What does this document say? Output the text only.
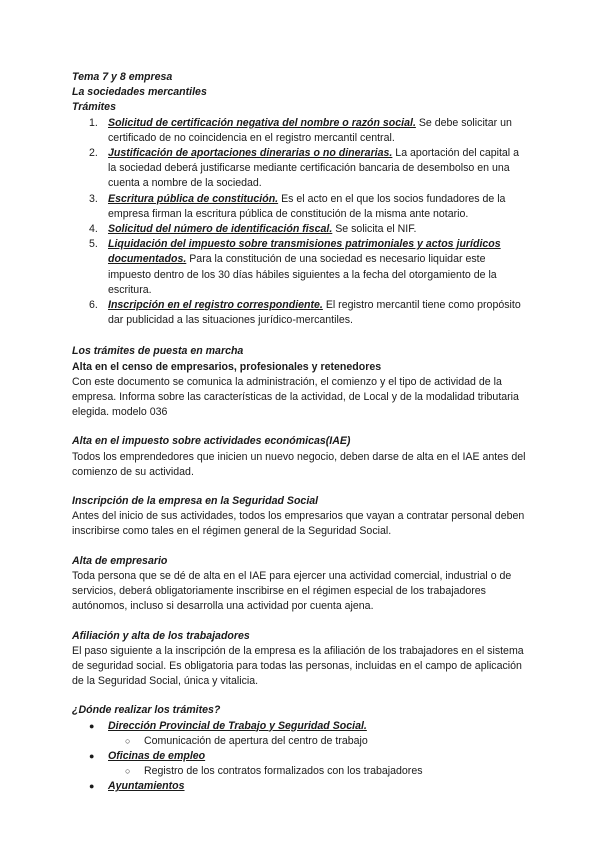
Tema 7 y 8 empresa

La sociedades mercantiles

Trámites

1. Solicitud de certificación negativa del nombre o razón social. Se debe solicitar un certificado de no coincidencia en el registro mercantil central.
2. Justificación de aportaciones dinerarias o no dinerarias. La aportación del capital a la sociedad deberá justificarse mediante certificación bancaria de desembolso en una cuenta a nombre de la sociedad.
3. Escritura pública de constitución. Es el acto en el que los socios fundadores de la empresa firman la escritura pública de constitución de la misma ante notario.
4. Solicitud del número de identificación fiscal. Se solicita el NIF.
5. Liquidación del impuesto sobre transmisiones patrimoniales y actos jurídicos documentados. Para la constitución de una sociedad es necesario liquidar este impuesto dentro de los 30 días hábiles siguientes a la fecha del otorgamiento de la escritura.
6. Inscripción en el registro correspondiente. El registro mercantil tiene como propósito dar publicidad a las situaciones jurídico-mercantiles.

Los trámites de puesta en marcha

Alta en el censo de empresarios, profesionales y retenedores

Con este documento se comunica la administración, el comienzo y el tipo de actividad de la empresa. Informa sobre las características de la actividad, de Local y de la modalidad tributaria elegida. modelo 036

Alta en el impuesto sobre actividades económicas(IAE)

Todos los emprendedores que inicien un nuevo negocio, deben darse de alta en el IAE antes del comienzo de su actividad.

Inscripción de la empresa en la Seguridad Social

Antes del inicio de sus actividades, todos los empresarios que vayan a contratar personal deben inscribirse como tales en el régimen general de la Seguridad Social.

Alta de empresario

Toda persona que se dé de alta en el IAE para ejercer una actividad comercial, industrial o de servicios, deberá obligatoriamente inscribirse en el régimen especial de los trabajadores autónomos, incluso si desarrolla una actividad por cuenta ajena.

Afiliación y alta de los trabajadores

El paso siguiente a la inscripción de la empresa es la afiliación de los trabajadores en el sistema de seguridad social. Es obligatoria para todas las personas, incluidas en el campo de aplicación de la Seguridad Social, única y vitalicia.

¿Dónde realizar los trámites?

● Dirección Provincial de Trabajo y Seguridad Social.
○ Comunicación de apertura del centro de trabajo
● Oficinas de empleo
○ Registro de los contratos formalizados con los trabajadores
● Ayuntamientos
